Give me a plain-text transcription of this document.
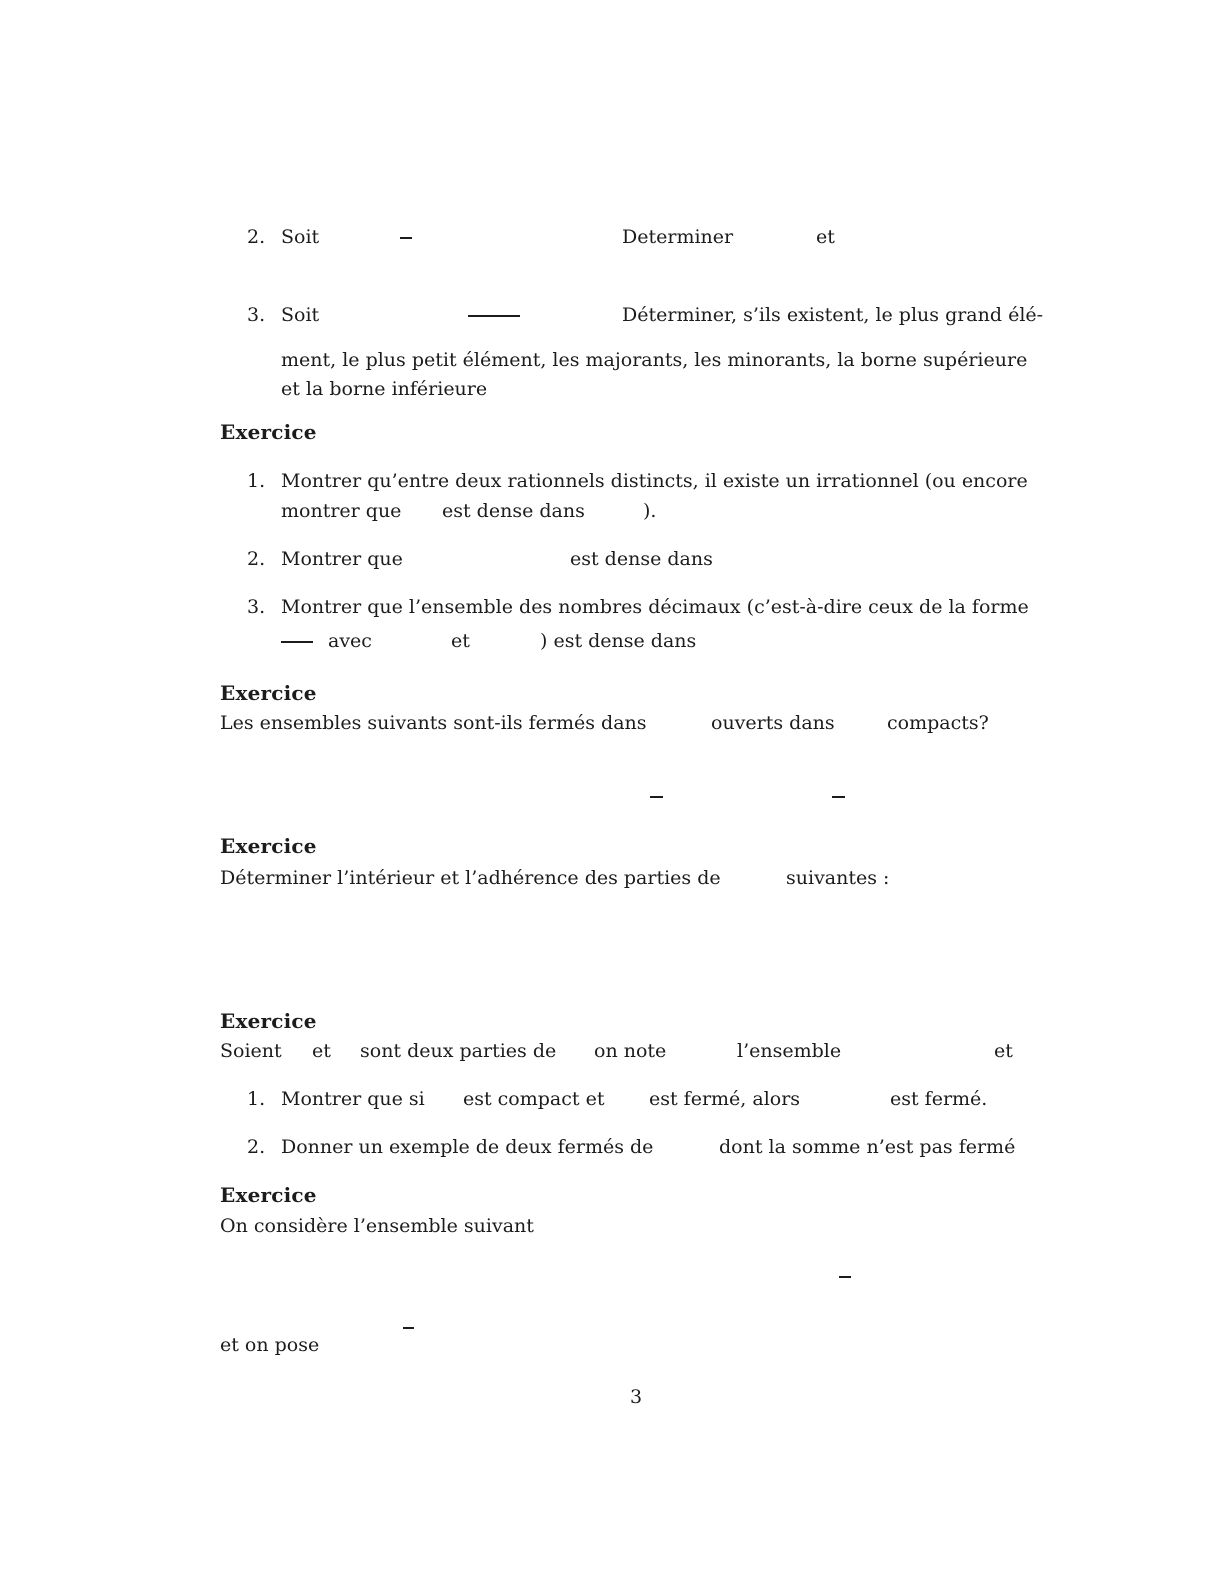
2. Soit	Determiner	et
3. Soit	Déterminer, s’ils existent, le plus grand élé-
ment, le plus petit élément, les majorants, les minorants, la borne supérieure
et la borne inférieure
Exercice
1. Montrer qu’entre deux rationnels distincts, il existe un irrationnel (ou encore
montrer que est dense dans	).
2. Montrer que	est dense dans
3. Montrer que l’ensemble des nombres décimaux (c’est-à-dire ceux de la forme
avec	et	) est dense dans
Exercice
Les ensembles suivants sont-ils fermés dans	ouverts dans	compacts?
Exercice
Déterminer l’intérieur et l’adhérence des parties de	suivantes :
Exercice
Soient et sont deux parties de on note	l’ensemble	et
1. Montrer que si est compact et est fermé, alors	est fermé.
2. Donner un exemple de deux fermés de	dont la somme n’est pas fermé
Exercice
On considère l’ensemble suivant
et on pose
3
